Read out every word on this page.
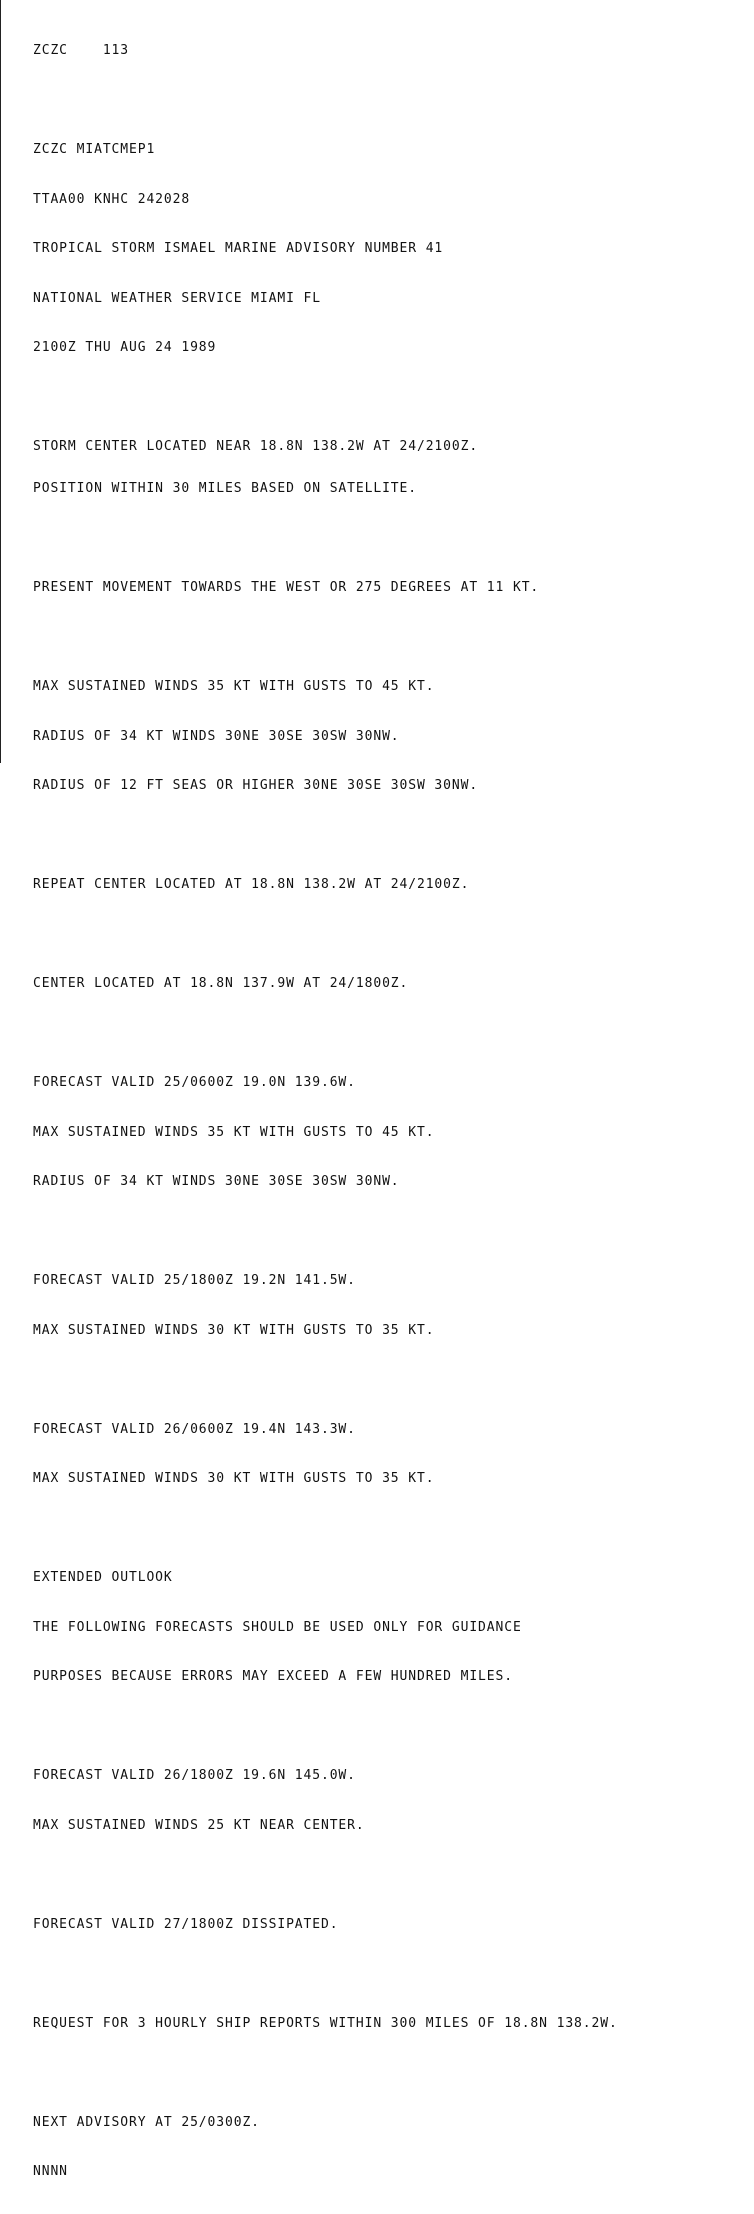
ZCZC    113

ZCZC MIATCMEP1

TTAA00 KNHC 242028

TROPICAL STORM ISMAEL MARINE ADVISORY NUMBER 41

NATIONAL WEATHER SERVICE MIAMI FL

2100Z THU AUG 24 1989

STORM CENTER LOCATED NEAR 18.8N 138.2W AT 24/2100Z.

POSITION WITHIN 30 MILES BASED ON SATELLITE.

PRESENT MOVEMENT TOWARDS THE WEST OR 275 DEGREES AT 11 KT.

MAX SUSTAINED WINDS 35 KT WITH GUSTS TO 45 KT.

RADIUS OF 34 KT WINDS 30NE 30SE 30SW 30NW.

RADIUS OF 12 FT SEAS OR HIGHER 30NE 30SE 30SW 30NW.

REPEAT CENTER LOCATED AT 18.8N 138.2W AT 24/2100Z.

CENTER LOCATED AT 18.8N 137.9W AT 24/1800Z.

FORECAST VALID 25/0600Z 19.0N 139.6W.

MAX SUSTAINED WINDS 35 KT WITH GUSTS TO 45 KT.

RADIUS OF 34 KT WINDS 30NE 30SE 30SW 30NW.

FORECAST VALID 25/1800Z 19.2N 141.5W.

MAX SUSTAINED WINDS 30 KT WITH GUSTS TO 35 KT.

FORECAST VALID 26/0600Z 19.4N 143.3W.

MAX SUSTAINED WINDS 30 KT WITH GUSTS TO 35 KT.

EXTENDED OUTLOOK

THE FOLLOWING FORECASTS SHOULD BE USED ONLY FOR GUIDANCE

PURPOSES BECAUSE ERRORS MAY EXCEED A FEW HUNDRED MILES.

FORECAST VALID 26/1800Z 19.6N 145.0W.

MAX SUSTAINED WINDS 25 KT NEAR CENTER.

FORECAST VALID 27/1800Z DISSIPATED.

REQUEST FOR 3 HOURLY SHIP REPORTS WITHIN 300 MILES OF 18.8N 138.2W.

NEXT ADVISORY AT 25/0300Z.

NNNN
